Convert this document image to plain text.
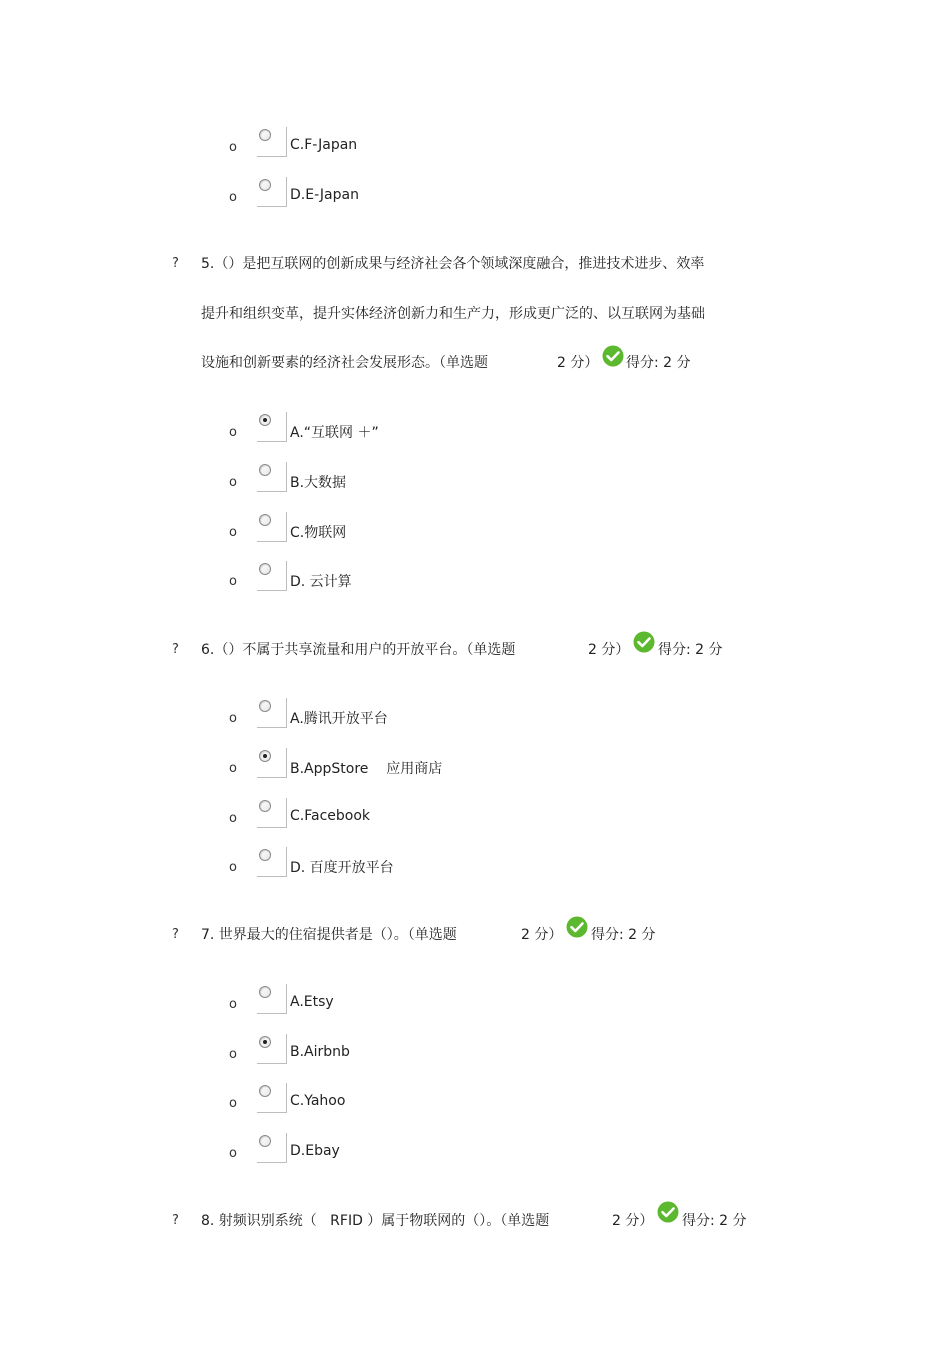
o	C.F-Japan
o	D.E-Japan
? 5.（）是把互联网的创新成果与经济社会各个领域深度融合，推进技术进步、效率
提升和组织变革，提升实体经济创新力和生产力，形成更广泛的、以互联网为基础
设施和创新要素的经济社会发展形态。（单选题	2 分） 得分: 2 分
o	A.“互联网 ＋”
o	B.大数据
o	C.物联网
o	D. 云计算
? 6.（）不属于共享流量和用户的开放平台。（单选题	2 分） 得分: 2 分
o	A.腾讯开放平台
o	B.AppStore    应用商店
o	C.Facebook
o	D. 百度开放平台
? 7. 世界最大的住宿提供者是（）。（单选题	2 分） 得分: 2 分
o	A.Etsy
o	B.Airbnb
o	C.Yahoo
o	D.Ebay
? 8. 射频识别系统（   RFID ）属于物联网的（）。（单选题	2 分） 得分: 2 分
